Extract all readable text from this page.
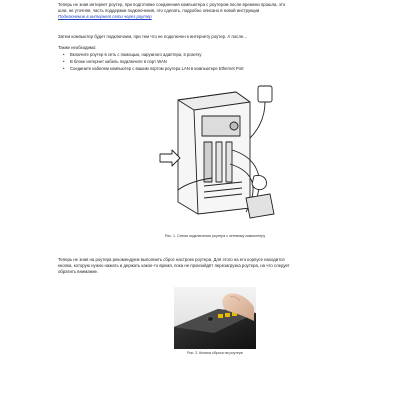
Теперь не зная интернет роутер, при подготовке соединения компьютера с роутером после времени прошла, это
шли, не уточняя, часть поддержки подключения, это сделать, подробно описано в новой инструкции
Подключение в интернет сети через роутер
Затем компьютер будет подключаем, при тем что не подключен к интернету роутер. А после…
Также необходимо:
• Включите роутер в сеть с помощью, наружного адаптера, в розетку
• В блоке интернет кабель подключите в порт WAN
• Соедините кабелем компьютер с вашим портом роутера LAN в компьютере Ethernet Port
Рис. 1. Схема подключения роутера к сетевому компьютеру
Теперь не зная на роутера рекомендуем выполнить сброс настроек роутера. Для этого на его корпусе находится
кнопка, которую нужно нажать и держать какое-то время, пока не произойдёт перезагрузка роутера, на что следует
обратить внимание.
Рис. 2. Кнопка сброса на роутере
